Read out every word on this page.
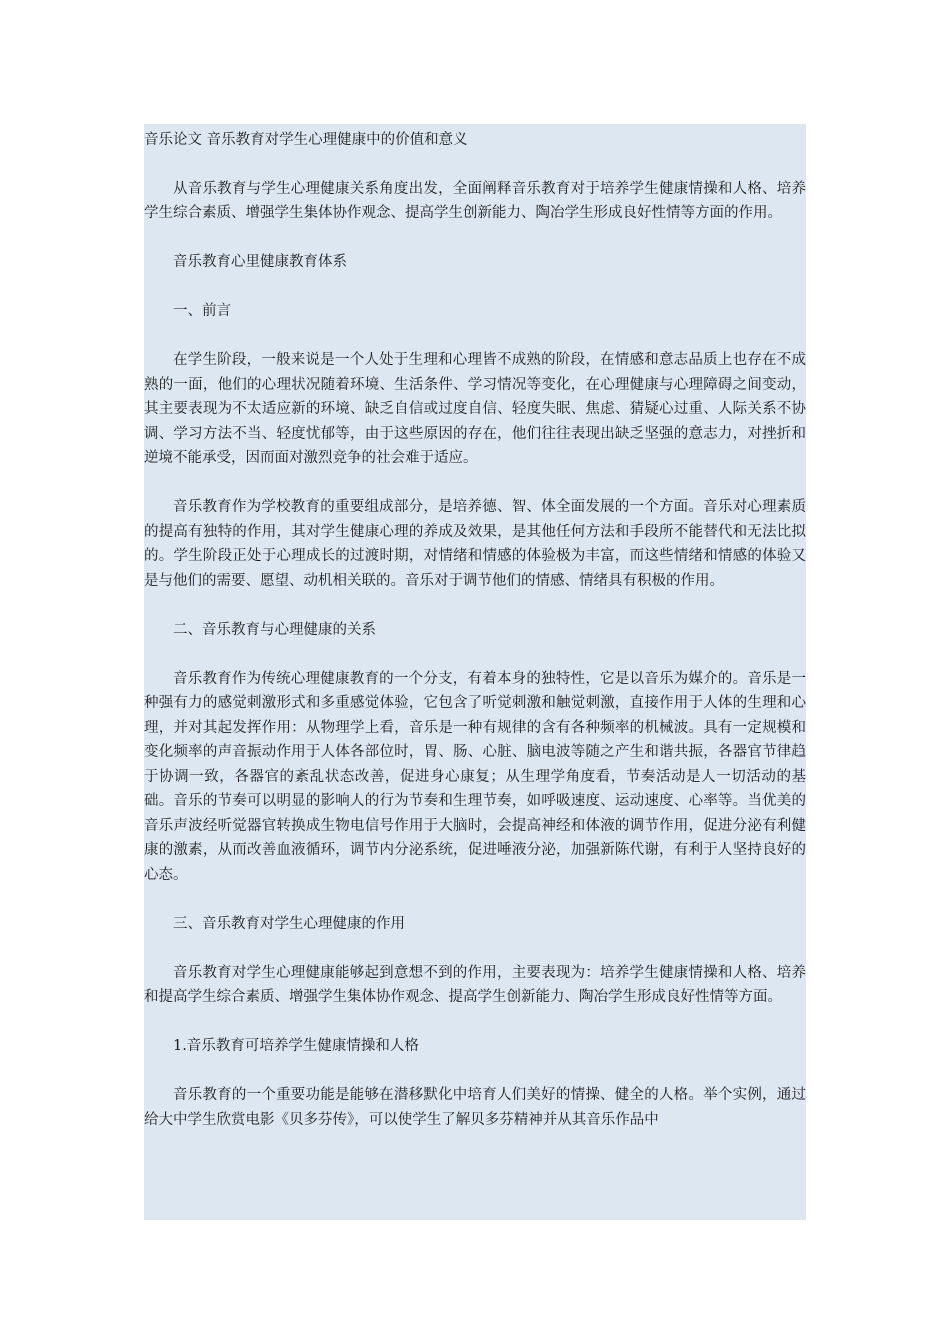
音乐论文 音乐教育对学生心理健康中的价值和意义

从音乐教育与学生心理健康关系角度出发，全面阐释音乐教育对于培养学生健康情操和人格、培养学生综合素质、增强学生集体协作观念、提高学生创新能力、陶冶学生形成良好性情等方面的作用。

音乐教育心里健康教育体系

一、前言

在学生阶段，一般来说是一个人处于生理和心理皆不成熟的阶段，在情感和意志品质上也存在不成熟的一面，他们的心理状况随着环境、生活条件、学习情况等变化，在心理健康与心理障碍之间变动，其主要表现为不太适应新的环境、缺乏自信或过度自信、轻度失眠、焦虑、猜疑心过重、人际关系不协调、学习方法不当、轻度忧郁等，由于这些原因的存在，他们往往表现出缺乏坚强的意志力，对挫折和逆境不能承受，因而面对激烈竞争的社会难于适应。

音乐教育作为学校教育的重要组成部分，是培养德、智、体全面发展的一个方面。音乐对心理素质的提高有独特的作用，其对学生健康心理的养成及效果，是其他任何方法和手段所不能替代和无法比拟的。学生阶段正处于心理成长的过渡时期，对情绪和情感的体验极为丰富，而这些情绪和情感的体验又是与他们的需要、愿望、动机相关联的。音乐对于调节他们的情感、情绪具有积极的作用。

二、音乐教育与心理健康的关系

音乐教育作为传统心理健康教育的一个分支，有着本身的独特性，它是以音乐为媒介的。音乐是一种强有力的感觉刺激形式和多重感觉体验，它包含了听觉刺激和触觉刺激，直接作用于人体的生理和心理，并对其起发挥作用：从物理学上看，音乐是一种有规律的含有各种频率的机械波。具有一定规模和变化频率的声音振动作用于人体各部位时，胃、肠、心脏、脑电波等随之产生和谐共振，各器官节律趋于协调一致，各器官的紊乱状态改善，促进身心康复；从生理学角度看，节奏活动是人一切活动的基础。音乐的节奏可以明显的影响人的行为节奏和生理节奏，如呼吸速度、运动速度、心率等。当优美的音乐声波经听觉器官转换成生物电信号作用于大脑时，会提高神经和体液的调节作用，促进分泌有利健康的激素，从而改善血液循环，调节内分泌系统，促进唾液分泌，加强新陈代谢，有利于人坚持良好的心态。

三、音乐教育对学生心理健康的作用

音乐教育对学生心理健康能够起到意想不到的作用，主要表现为：培养学生健康情操和人格、培养和提高学生综合素质、增强学生集体协作观念、提高学生创新能力、陶冶学生形成良好性情等方面。

1.音乐教育可培养学生健康情操和人格

音乐教育的一个重要功能是能够在潜移默化中培育人们美好的情操、健全的人格。举个实例，通过给大中学生欣赏电影《贝多芬传》，可以使学生了解贝多芬精神并从其音乐作品中
